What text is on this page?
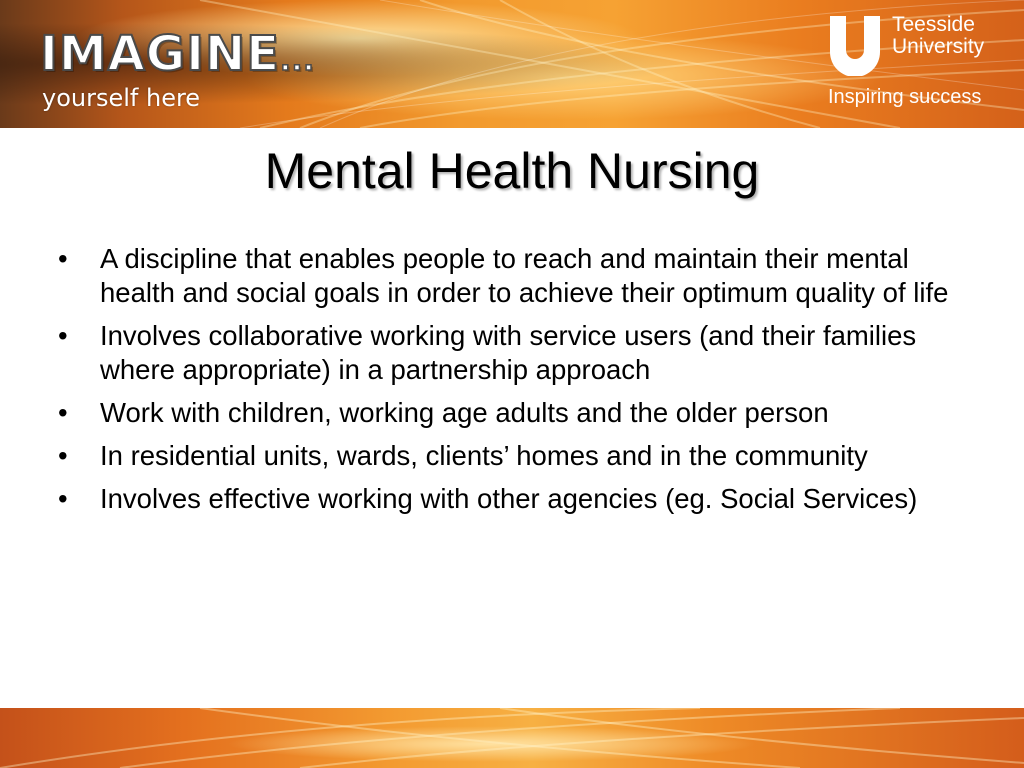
IMAGINE...
yourself here
Teesside
University
Inspiring success
Mental Health Nursing
• A discipline that enables people to reach and maintain their mental health and social goals in order to achieve their optimum quality of life
• Involves collaborative working with service users (and their families where appropriate) in a partnership approach
• Work with children, working age adults and the older person
• In residential units, wards, clients’ homes and in the community
• Involves effective working with other agencies (eg. Social Services)
